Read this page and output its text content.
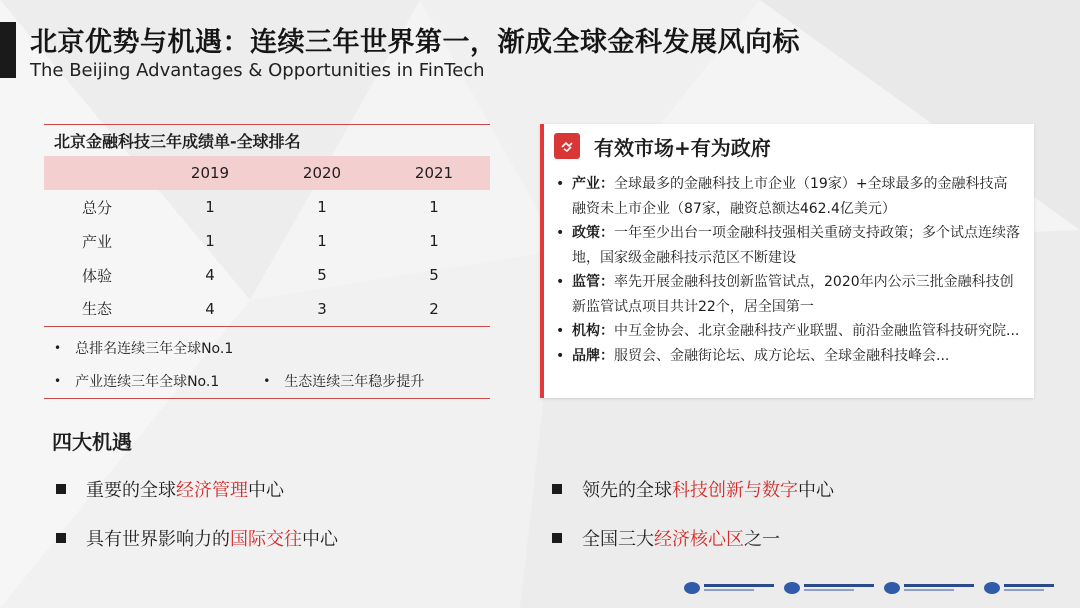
北京优势与机遇：连续三年世界第一，渐成全球金科发展风向标
The Beijing Advantages & Opportunities in FinTech
北京金融科技三年成绩单-全球排名
	2019	2020	2021
总分	1	1	1
产业	1	1	1
体验	4	5	5
生态	4	3	2
• 总排名连续三年全球No.1
• 产业连续三年全球No.1	• 生态连续三年稳步提升
有效市场+有为政府
• 产业：全球最多的金融科技上市企业（19家）+全球最多的金融科技高融资未上市企业（87家，融资总额达462.4亿美元）
• 政策：一年至少出台一项金融科技强相关重磅支持政策；多个试点连续落地，国家级金融科技示范区不断建设
• 监管：率先开展金融科技创新监管试点，2020年内公示三批金融科技创新监管试点项目共计22个，居全国第一
• 机构：中互金协会、北京金融科技产业联盟、前沿金融监管科技研究院...
• 品牌：服贸会、金融街论坛、成方论坛、全球金融科技峰会...
四大机遇
重要的全球 经济管理 中心	领先的全球 科技创新与数字 中心
具有世界影响力的 国际交往 中心	全国三大 经济核心区 之一
